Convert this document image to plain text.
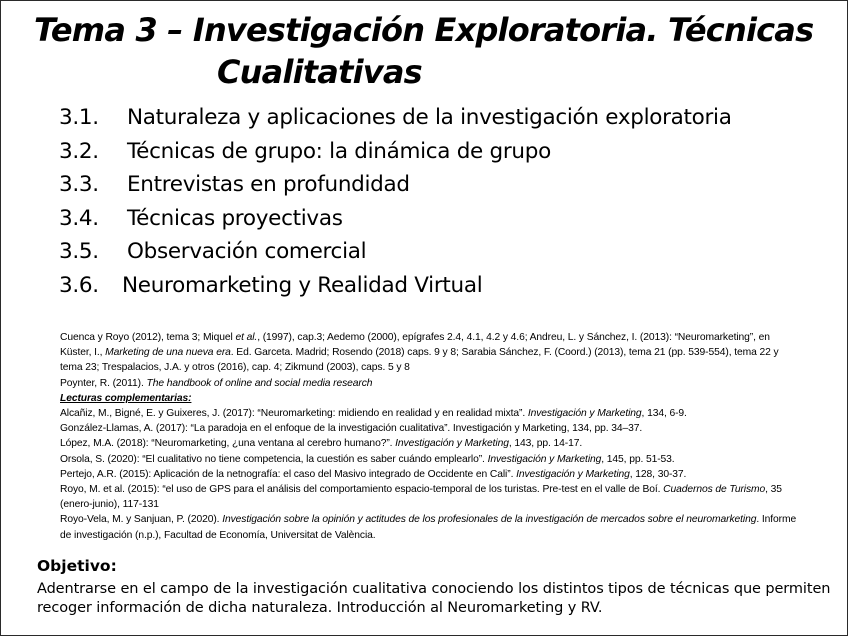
Tema 3 – Investigación Exploratoria. Técnicas
Cualitativas
3.1.	Naturaleza y aplicaciones de la investigación exploratoria
3.2.	Técnicas de grupo: la dinámica de grupo
3.3.	Entrevistas en profundidad
3.4.	Técnicas proyectivas
3.5.	Observación comercial
3.6.	Neuromarketing y Realidad Virtual

Cuenca y Royo (2012), tema 3; Miquel et al., (1997), cap.3; Aedemo (2000), epígrafes 2.4, 4.1, 4.2 y 4.6; Andreu, L. y Sánchez, I. (2013): “Neuromarketing”, en Küster, I., Marketing de una nueva era. Ed. Garceta. Madrid; Rosendo (2018) caps. 9 y 8; Sarabia Sánchez, F. (Coord.) (2013), tema 21 (pp. 539-554), tema 22 y tema 23; Trespalacios, J.A. y otros (2016), cap. 4; Zikmund (2003), caps. 5 y 8

Poynter, R. (2011). The handbook of online and social media research

Lecturas complementarias:

Alcañiz, M., Bigné, E. y Guixeres, J. (2017): “Neuromarketing: midiendo en realidad y en realidad mixta”. Investigación y Marketing, 134, 6-9.

González-Llamas, A. (2017): “La paradoja en el enfoque de la investigación cualitativa”. Investigación y Marketing, 134, pp. 34–37.

López, M.A. (2018): “Neuromarketing, ¿una ventana al cerebro humano?”. Investigación y Marketing, 143, pp. 14-17.

Orsola, S. (2020): “El cualitativo no tiene competencia, la cuestión es saber cuándo emplearlo”. Investigación y Marketing, 145, pp. 51-53.

Pertejo, A.R. (2015): Aplicación de la netnografía: el caso del Masivo integrado de Occidente en Cali”. Investigación y Marketing, 128, 30-37.

Royo, M. et al. (2015): “el uso de GPS para el análisis del comportamiento espacio-temporal de los turistas. Pre-test en el valle de Boí. Cuadernos de Turismo, 35 (enero-junio), 117-131

Royo-Vela, M. y Sanjuan, P. (2020). Investigación sobre la opinión y actitudes de los profesionales de la investigación de mercados sobre el neuromarketing. Informe de investigación (n.p.), Facultad de Economía, Universitat de València.

Objetivo:
Adentrarse en el campo de la investigación cualitativa conociendo los distintos tipos de técnicas que permiten recoger información de dicha naturaleza. Introducción al Neuromarketing y RV.
